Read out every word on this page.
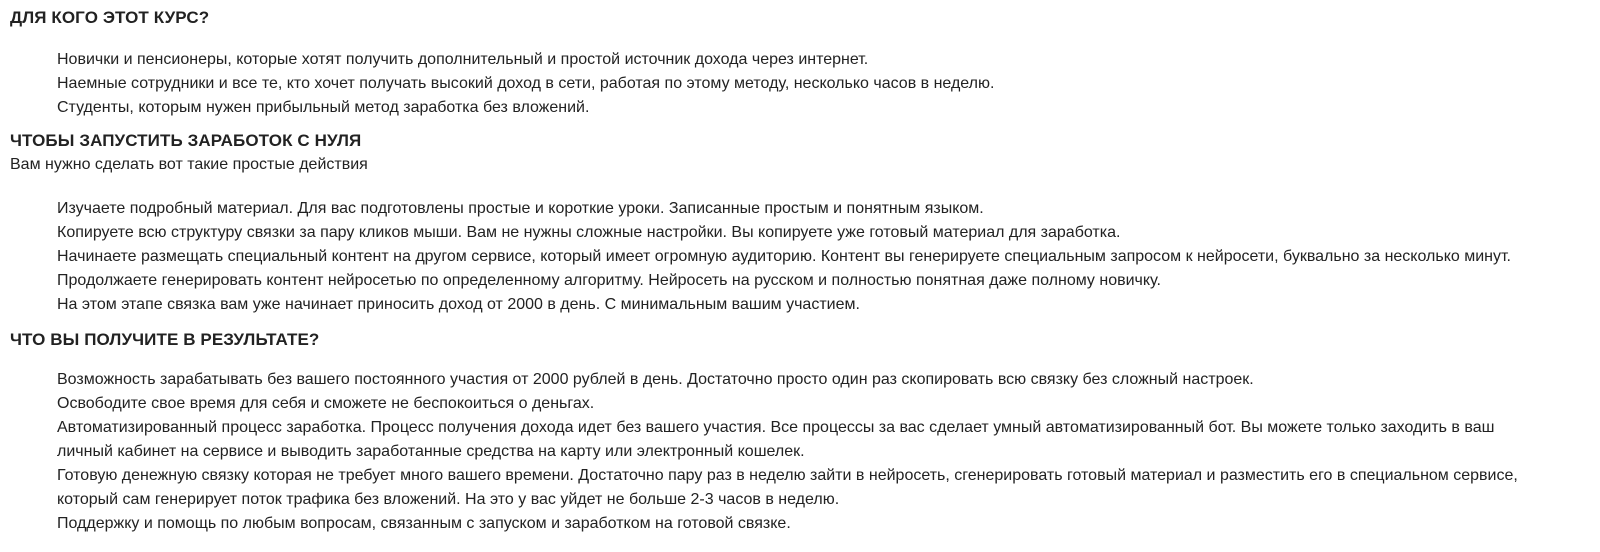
ДЛЯ КОГО ЭТОТ КУРС?
Новички и пенсионеры, которые хотят получить дополнительный и простой источник дохода через интернет.
Наемные сотрудники и все те, кто хочет получать высокий доход в сети, работая по этому методу, несколько часов в неделю.
Студенты, которым нужен прибыльный метод заработка без вложений.
ЧТОБЫ ЗАПУСТИТЬ ЗАРАБОТОК С НУЛЯ

Вам нужно сделать вот такие простые действия

Изучаете подробный материал. Для вас подготовлены простые и короткие уроки. Записанные простым и понятным языком.
Копируете всю структуру связки за пару кликов мыши. Вам не нужны сложные настройки. Вы копируете уже готовый материал для заработка.
Начинаете размещать специальный контент на другом сервисе, который имеет огромную аудиторию. Контент вы генерируете специальным запросом к нейросети, буквально за несколько минут.
Продолжаете генерировать контент нейросетью по определенному алгоритму. Нейросеть на русском и полностью понятная даже полному новичку.
На этом этапе связка вам уже начинает приносить доход от 2000 в день. С минимальным вашим участием.
ЧТО ВЫ ПОЛУЧИТЕ В РЕЗУЛЬТАТЕ?
Возможность зарабатывать без вашего постоянного участия от 2000 рублей в день. Достаточно просто один раз скопировать всю связку без сложный настроек.
Освободите свое время для себя и сможете не беспокоиться о деньгах.
Автоматизированный процесс заработка. Процесс получения дохода идет без вашего участия. Все процессы за вас сделает умный автоматизированный бот. Вы можете только заходить в ваш личный кабинет на сервисе и выводить заработанные средства на карту или электронный кошелек.
Готовую денежную связку которая не требует много вашего времени. Достаточно пару раз в неделю зайти в нейросеть, сгенерировать готовый материал и разместить его в специальном сервисе, который сам генерирует поток трафика без вложений. На это у вас уйдет не больше 2-3 часов в неделю.
Поддержку и помощь по любым вопросам, связанным с запуском и заработком на готовой связке.
